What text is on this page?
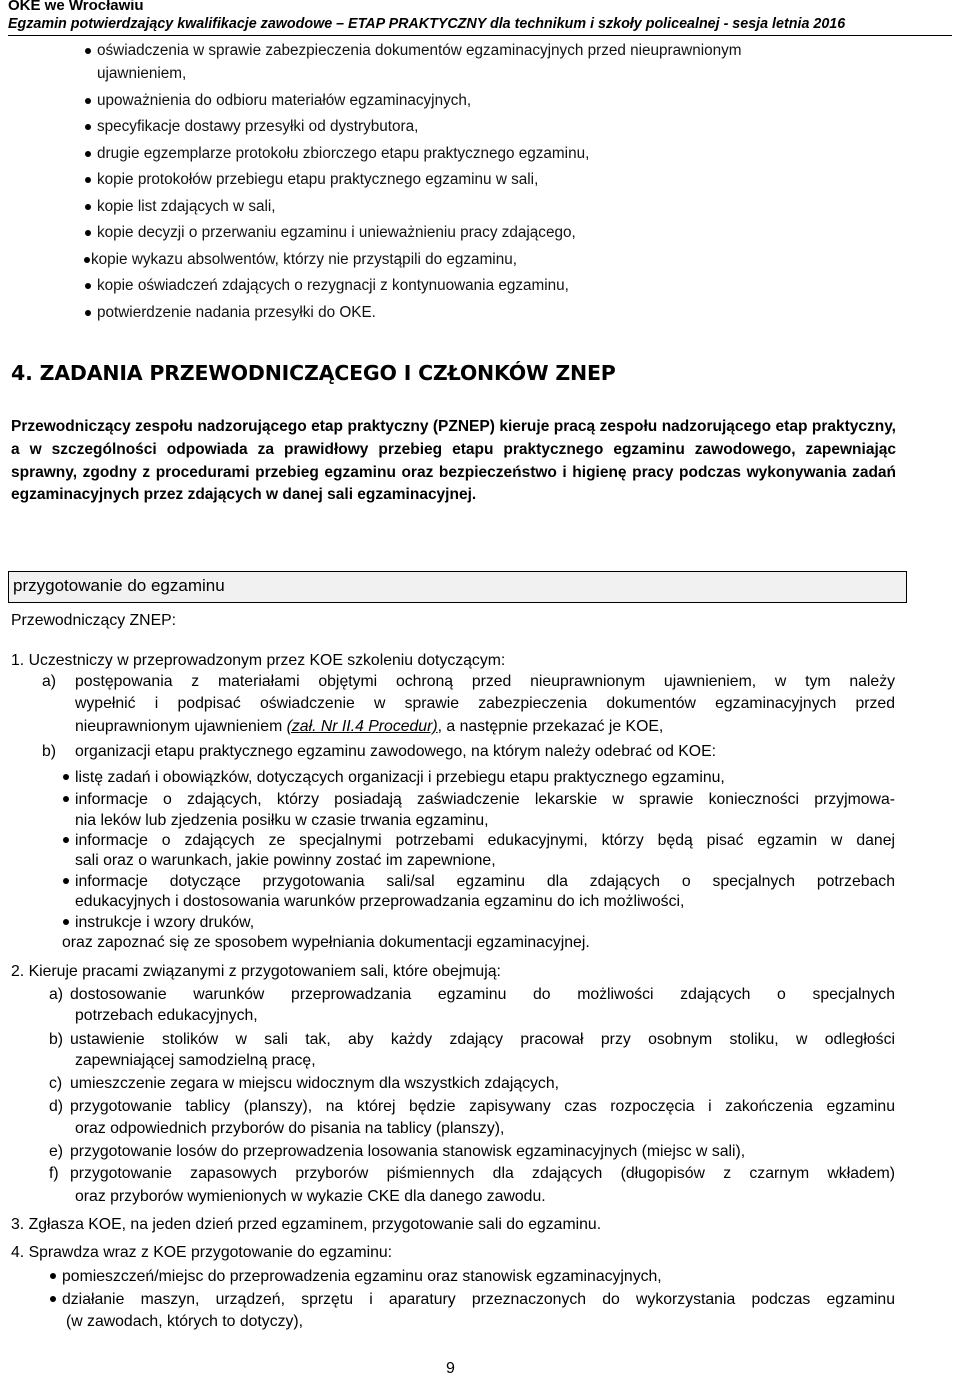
OKE we Wrocławiu
Egzamin potwierdzający kwalifikacje zawodowe – ETAP PRAKTYCZNY dla technikum i szkoły policealnej - sesja letnia 2016
oświadczenia w sprawie zabezpieczenia dokumentów egzaminacyjnych przed nieuprawnionym
ujawnieniem,
upoważnienia do odbioru materiałów egzaminacyjnych,
specyfikacje dostawy przesyłki od dystrybutora,
drugie egzemplarze protokołu zbiorczego etapu praktycznego egzaminu,
kopie protokołów przebiegu etapu praktycznego egzaminu w sali,
kopie list zdających w sali,
kopie decyzji o przerwaniu egzaminu i unieważnieniu pracy zdającego,
kopie wykazu absolwentów, którzy nie przystąpili do egzaminu,
kopie oświadczeń zdających o rezygnacji z kontynuowania egzaminu,
potwierdzenie nadania przesyłki do OKE.
4. ZADANIA PRZEWODNICZĄCEGO I CZŁONKÓW ZNEP
Przewodniczący zespołu nadzorującego etap praktyczny (PZNEP) kieruje pracą zespołu nadzorującego etap praktyczny, a w szczególności odpowiada za prawidłowy przebieg etapu praktycznego egzaminu zawodowego, zapewniając sprawny, zgodny z procedurami przebieg egzaminu oraz bezpieczeństwo i higienę pracy podczas wykonywania zadań egzaminacyjnych przez zdających w danej sali egzaminacyjnej.
przygotowanie do egzaminu
Przewodniczący ZNEP:
1. Uczestniczy w przeprowadzonym przez KOE szkoleniu dotyczącym:
a) postępowania z materiałami objętymi ochroną przed nieuprawnionym ujawnieniem, w tym należy
wypełnić i podpisać oświadczenie w sprawie zabezpieczenia dokumentów egzaminacyjnych przed
nieuprawnionym ujawnieniem (zał. Nr II.4 Procedur), a następnie przekazać je KOE,
b) organizacji etapu praktycznego egzaminu zawodowego, na którym należy odebrać od KOE:
listę zadań i obowiązków, dotyczących organizacji i przebiegu etapu praktycznego egzaminu,
informacje o zdających, którzy posiadają zaświadczenie lekarskie w sprawie konieczności przyjmowa-
nia leków lub zjedzenia posiłku w czasie trwania egzaminu,
informacje o zdających ze specjalnymi potrzebami edukacyjnymi, którzy będą pisać egzamin w danej
sali oraz o warunkach, jakie powinny zostać im zapewnione,
informacje dotyczące przygotowania sali/sal egzaminu dla zdających o specjalnych potrzebach
edukacyjnych i dostosowania warunków przeprowadzania egzaminu do ich możliwości,
instrukcje i wzory druków,
oraz zapoznać się ze sposobem wypełniania dokumentacji egzaminacyjnej.
2. Kieruje pracami związanymi z przygotowaniem sali, które obejmują:
a) dostosowanie warunków przeprowadzania egzaminu do możliwości zdających o specjalnych
potrzebach edukacyjnych,
b) ustawienie stolików w sali tak, aby każdy zdający pracował przy osobnym stoliku, w odległości
zapewniającej samodzielną pracę,
c) umieszczenie zegara w miejscu widocznym dla wszystkich zdających,
d) przygotowanie tablicy (planszy), na której będzie zapisywany czas rozpoczęcia i zakończenia egzaminu
oraz odpowiednich przyborów do pisania na tablicy (planszy),
e) przygotowanie losów do przeprowadzenia losowania stanowisk egzaminacyjnych (miejsc w sali),
f) przygotowanie zapasowych przyborów piśmiennych dla zdających (długopisów z czarnym wkładem)
oraz przyborów wymienionych w wykazie CKE dla danego zawodu.
3. Zgłasza KOE, na jeden dzień przed egzaminem, przygotowanie sali do egzaminu.
4. Sprawdza wraz z KOE przygotowanie do egzaminu:
pomieszczeń/miejsc do przeprowadzenia egzaminu oraz stanowisk egzaminacyjnych,
działanie maszyn, urządzeń, sprzętu i aparatury przeznaczonych do wykorzystania podczas egzaminu
(w zawodach, których to dotyczy),
9
